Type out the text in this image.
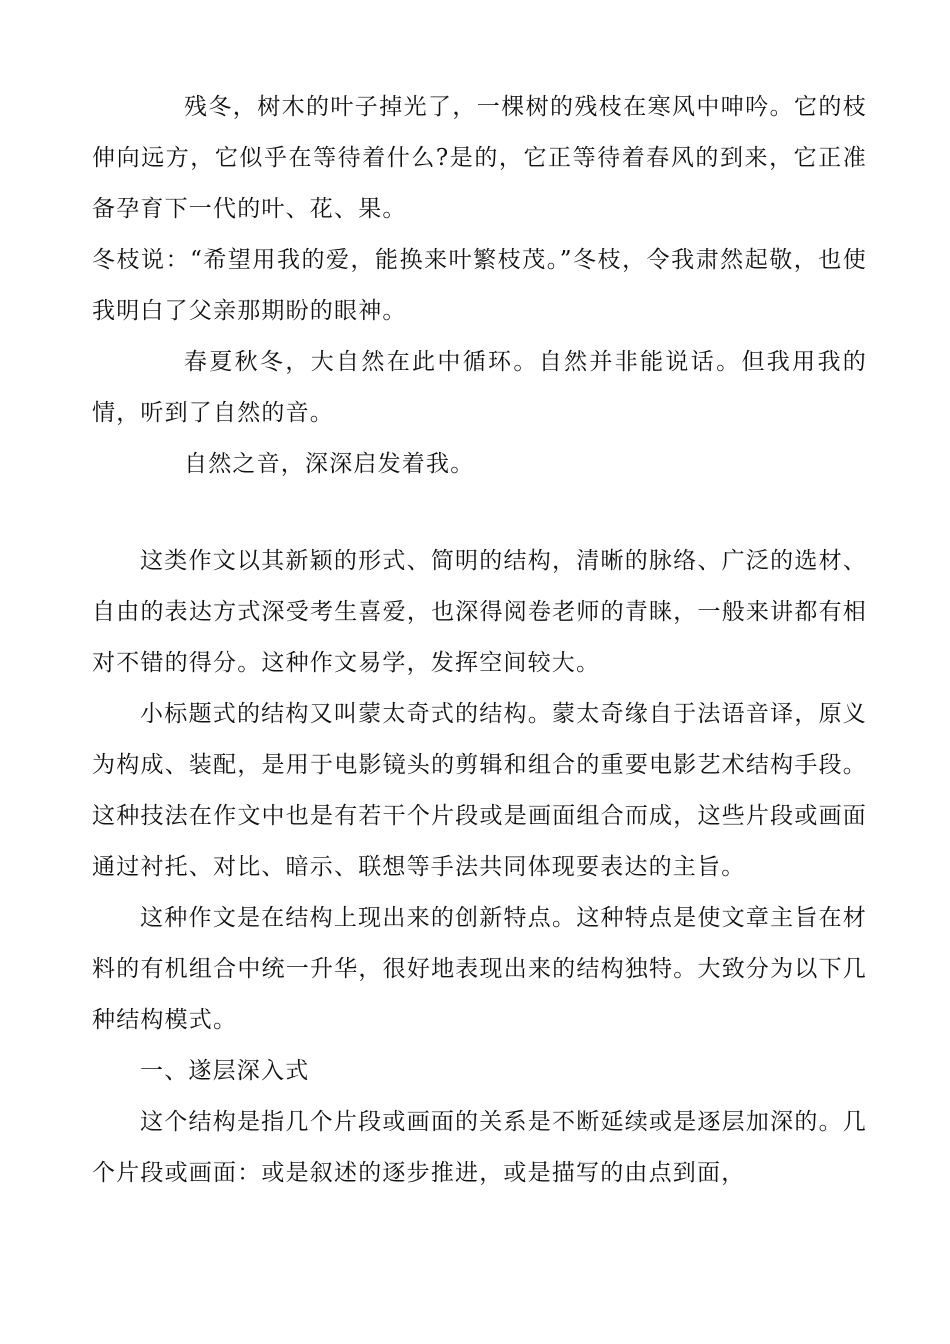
残冬，树木的叶子掉光了，一棵树的残枝在寒风中呻吟。它的枝伸向远方，它似乎在等待着什么?是的，它正等待着春风的到来，它正准备孕育下一代的叶、花、果。

冬枝说：“希望用我的爱，能换来叶繁枝茂。”冬枝，令我肃然起敬，也使我明白了父亲那期盼的眼神。

春夏秋冬，大自然在此中循环。自然并非能说话。但我用我的情，听到了自然的音。

自然之音，深深启发着我。

这类作文以其新颖的形式、简明的结构，清晰的脉络、广泛的选材、自由的表达方式深受考生喜爱，也深得阅卷老师的青睐，一般来讲都有相对不错的得分。这种作文易学，发挥空间较大。

小标题式的结构又叫蒙太奇式的结构。蒙太奇缘自于法语音译，原义为构成、装配，是用于电影镜头的剪辑和组合的重要电影艺术结构手段。这种技法在作文中也是有若干个片段或是画面组合而成，这些片段或画面通过衬托、对比、暗示、联想等手法共同体现要表达的主旨。

这种作文是在结构上现出来的创新特点。这种特点是使文章主旨在材料的有机组合中统一升华，很好地表现出来的结构独特。大致分为以下几种结构模式。

一、遂层深入式

这个结构是指几个片段或画面的关系是不断延续或是逐层加深的。几个片段或画面：或是叙述的逐步推进，或是描写的由点到面，
